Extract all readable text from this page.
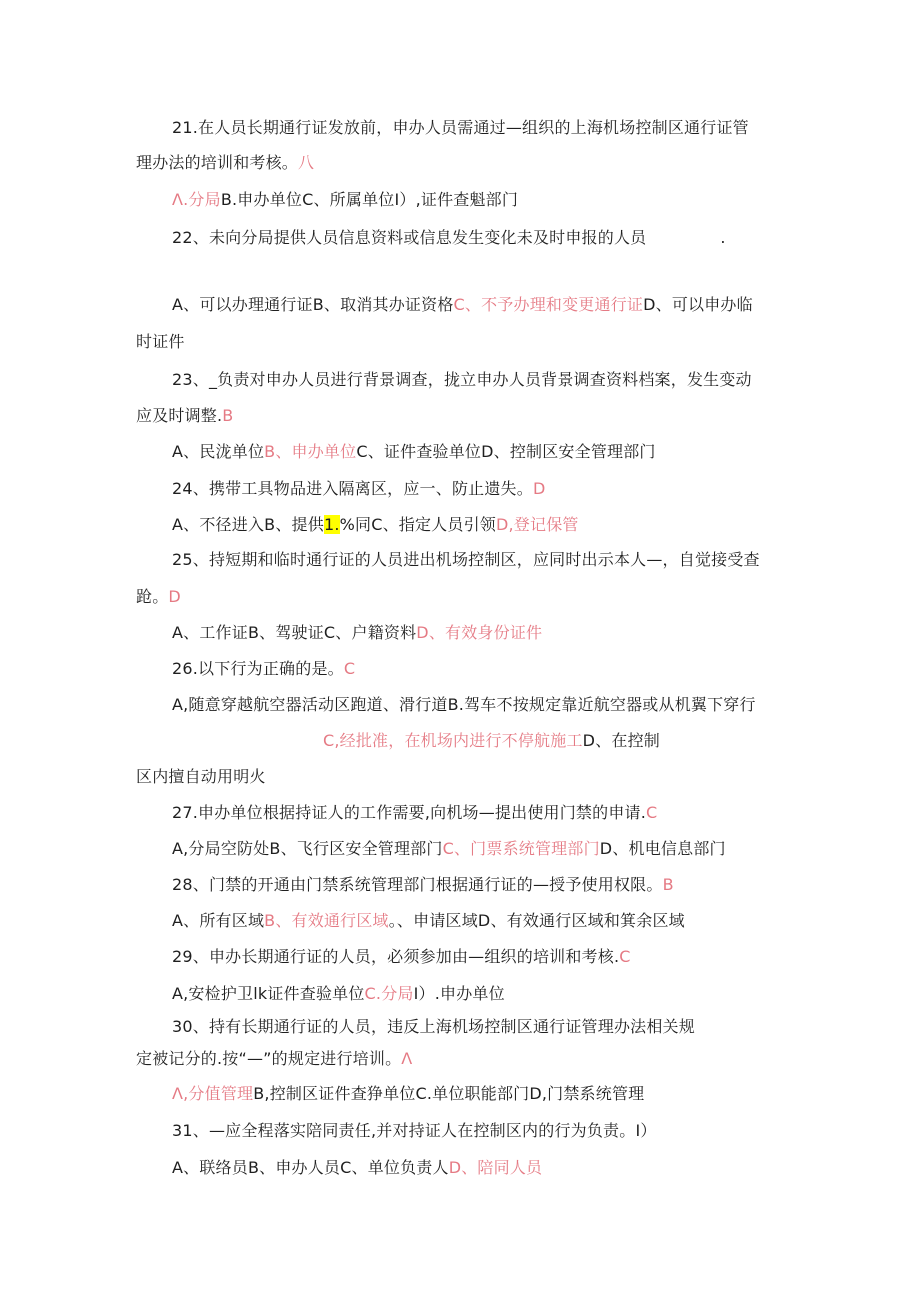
21.在人员长期通行证发放前，申办人员需通过—组织的上海机场控制区通行证管
理办法的培训和考核。八
Λ.分局B.申办单位C、所属单位I）,证件查魁部门
22、未向分局提供人员信息资料或信息发生变化未及时申报的人员	.
A、可以办理通行证B、取消其办证资格C、不予办理和变更通行证D、可以申办临
时证件
23、_负责对申办人员进行背景调查，拢立申办人员背景调查资料档案，发生变动
应及时调整.B
A、民泷单位B、申办单位C、证件查验单位D、控制区安全管理部门
24、携带工具物品进入隔离区，应一、防止遗失。D
A、不径进入B、提供1.%同C、指定人员引领D,登记保管
25、持短期和临时通行证的人员进出机场控制区，应同时出示本人—，自觉接受查
跄。D
A、工作证B、驾驶证C、户籍资料D、有效身份证件
26.以下行为正确的是。C
A,随意穿越航空器活动区跑道、滑行道B.驾车不按规定靠近航空器或从机翼下穿行
C,经批准，在机场内进行不停航施工D、在控制
区内擅自动用明火
27.申办单位根据持证人的工作需要,向机场—提出使用门禁的申请.C
A,分局空防处B、飞行区安全管理部门C、门票系统管理部门D、机电信息部门
28、门禁的开通由门禁系统管理部门根据通行证的—授予使用权限。B
A、所有区域B、有效通行区域。、申请区域D、有效通行区域和箕余区域
29、申办长期通行证的人员，必须参加由—组织的培训和考核.C
A,安检护卫lk证件查验单位C.分局I）.申办单位
30、持有长期通行证的人员，违反上海机场控制区通行证管理办法相关规
定被记分的.按“—”的规定进行培训。Λ
Λ,分值管理B,控制区证件查狰单位C.单位职能部门D,门禁系统管理
31、—应全程落实陪同责任,并对持证人在控制区内的行为负责。I）
A、联络员B、申办人员C、单位负责人D、陪同人员
